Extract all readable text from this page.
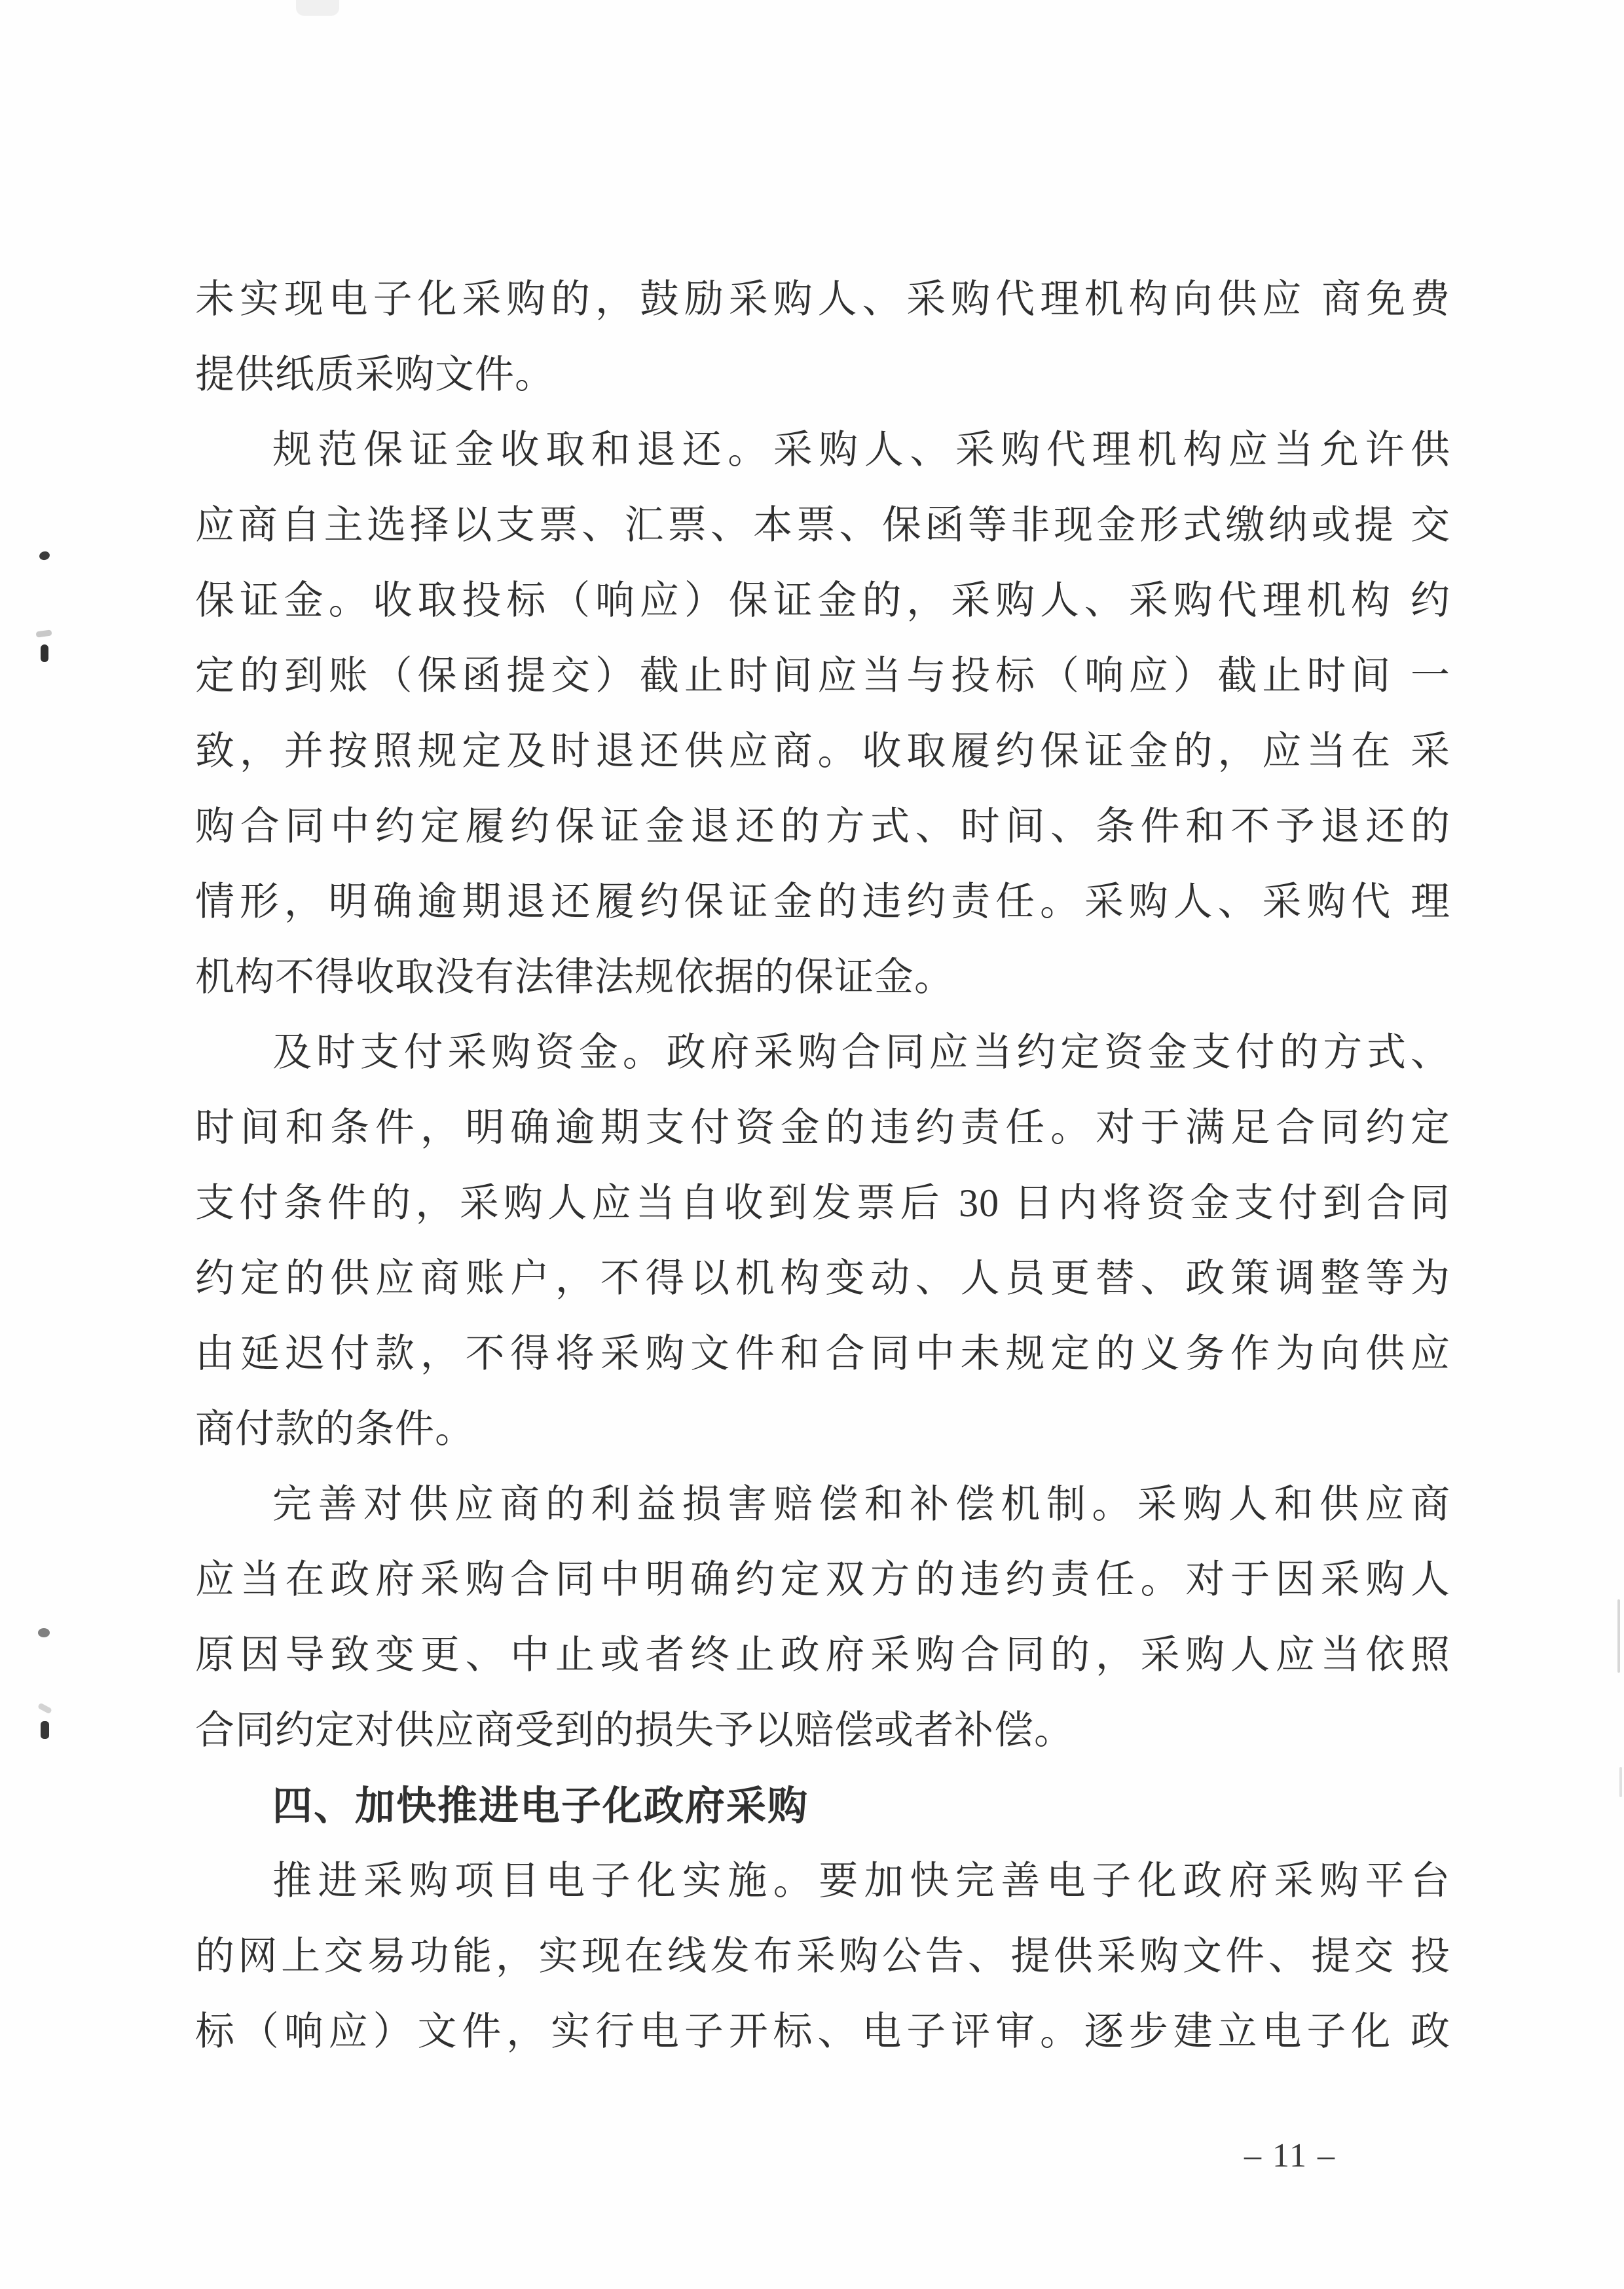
未实现电子化采购的，鼓励采购人、采购代理机构向供应 商免费
提供纸质采购文件。
规范保证金收取和退还。采购人、采购代理机构应当允许供
应商自主选择以支票、汇票、本票、保函等非现金形式缴纳或提 交
保证金。收取投标（响应）保证金的，采购人、采购代理机构 约
定的到账（保函提交）截止时间应当与投标（响应）截止时间 一
致，并按照规定及时退还供应商。收取履约保证金的，应当在 采
购合同中约定履约保证金退还的方式、时间、条件和不予退还的
情形，明确逾期退还履约保证金的违约责任。采购人、采购代 理
机构不得收取没有法律法规依据的保证金。
及时支付采购资金。政府采购合同应当约定资金支付的方式、
时间和条件，明确逾期支付资金的违约责任。对于满足合同约定
支付条件的，采购人应当自收到发票后 30 日内将资金支付到合同
约定的供应商账户，不得以机构变动、人员更替、政策调整等为
由延迟付款，不得将采购文件和合同中未规定的义务作为向供应
商付款的条件。
完善对供应商的利益损害赔偿和补偿机制。采购人和供应商
应当在政府采购合同中明确约定双方的违约责任。对于因采购人
原因导致变更、中止或者终止政府采购合同的，采购人应当依照
合同约定对供应商受到的损失予以赔偿或者补偿。
四、加快推进电子化政府采购
推进采购项目电子化实施。要加快完善电子化政府采购平台
的网上交易功能，实现在线发布采购公告、提供采购文件、提交 投
标（响应）文件，实行电子开标、电子评审。逐步建立电子化 政
– 11 –
